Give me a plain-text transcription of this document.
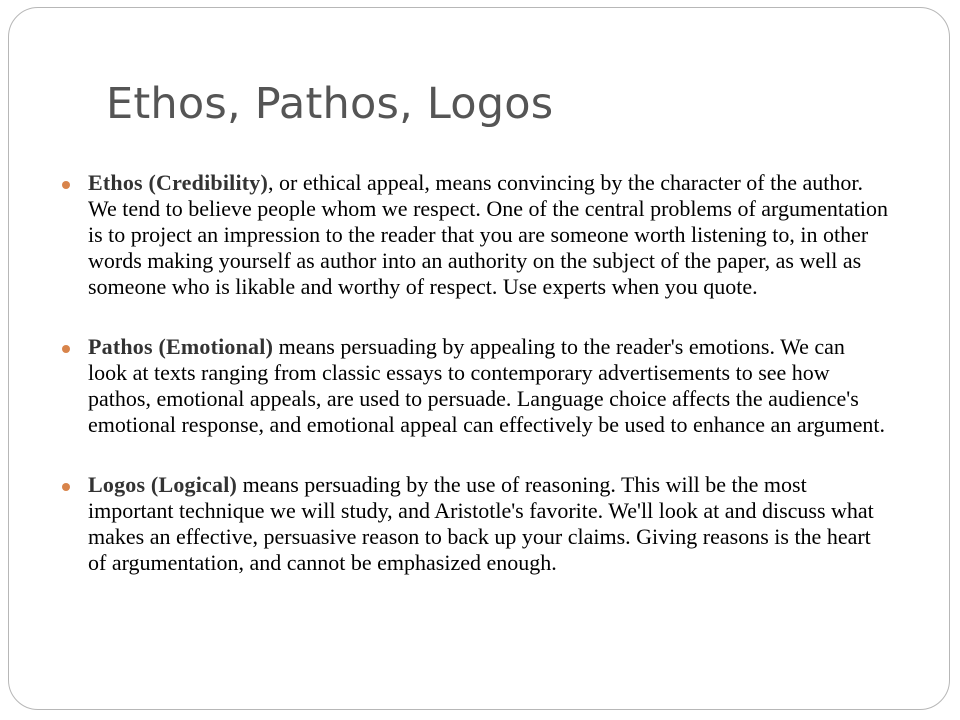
Ethos, Pathos, Logos
Ethos (Credibility), or ethical appeal, means convincing by the character of the author. We tend to believe people whom we respect. One of the central problems of argumentation is to project an impression to the reader that you are someone worth listening to, in other words making yourself as author into an authority on the subject of the paper, as well as someone who is likable and worthy of respect. Use experts when you quote.
Pathos (Emotional) means persuading by appealing to the reader's emotions. We can look at texts ranging from classic essays to contemporary advertisements to see how pathos, emotional appeals, are used to persuade. Language choice affects the audience's emotional response, and emotional appeal can effectively be used to enhance an argument.
Logos (Logical) means persuading by the use of reasoning. This will be the most important technique we will study, and Aristotle's favorite. We'll look at and discuss what makes an effective, persuasive reason to back up your claims. Giving reasons is the heart of argumentation, and cannot be emphasized enough.
